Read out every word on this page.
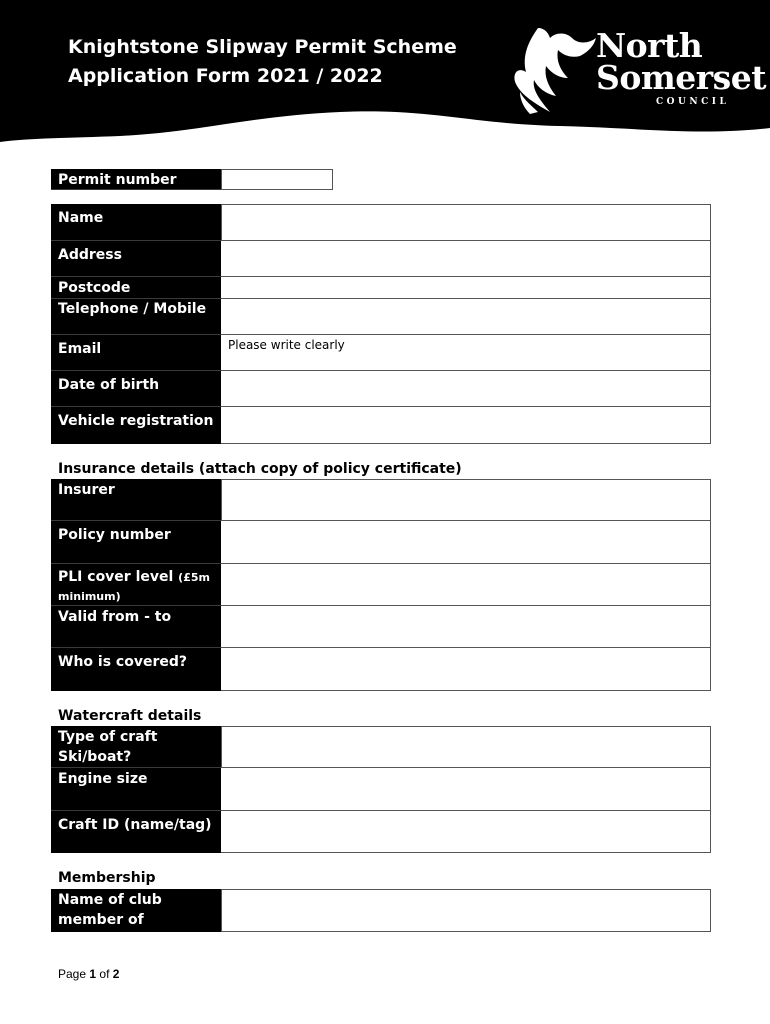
Knightstone Slipway Permit Scheme
Application Form 2021 / 2022
North
Somerset
COUNCIL
Permit number
Name
Address
Postcode
Telephone / Mobile
Email	Please write clearly
Date of birth
Vehicle registration
Insurance details (attach copy of policy certificate)
Insurer
Policy number
PLI cover level (£5m
minimum)
Valid from - to
Who is covered?
Watercraft details
Type of craft
Ski/boat?
Engine size
Craft ID (name/tag)
Membership
Name of club
member of
Page 1 of 2
